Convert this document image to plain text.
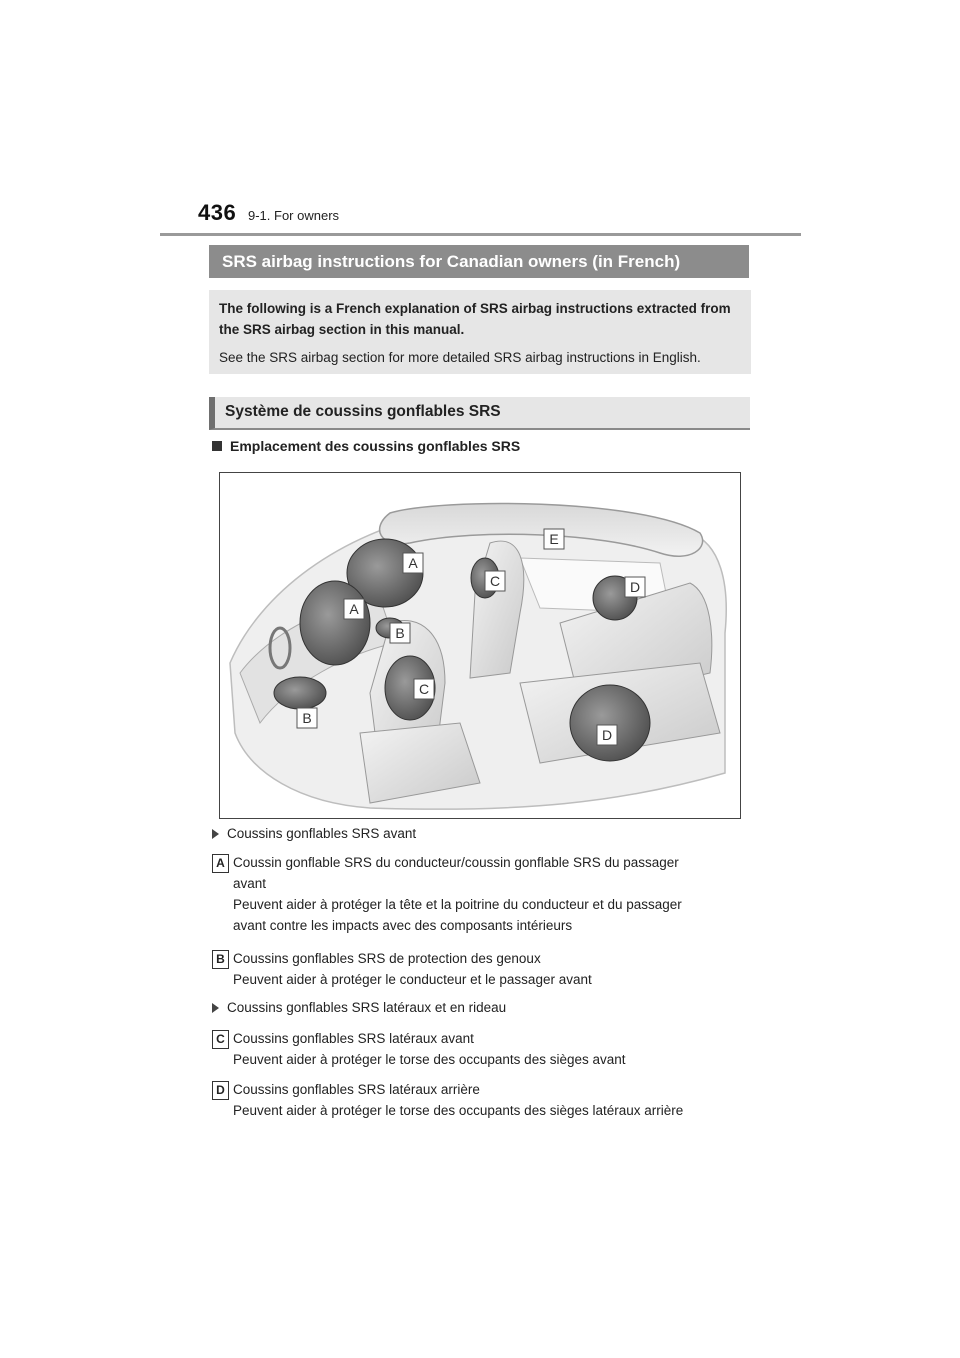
436 9-1. For owners
SRS airbag instructions for Canadian owners (in French)

The following is a French explanation of SRS airbag instructions extracted from the SRS airbag section in this manual.

See the SRS airbag section for more detailed SRS airbag instructions in English.

Système de coussins gonflables SRS
Emplacement des coussins gonflables SRS
E
A
C	D
A
B
C
B
D
Coussins gonflables SRS avant
A Coussin gonflable SRS du conducteur/coussin gonflable SRS du passager
avant
Peuvent aider à protéger la tête et la poitrine du conducteur et du passager
avant contre les impacts avec des composants intérieurs
B Coussins gonflables SRS de protection des genoux
Peuvent aider à protéger le conducteur et le passager avant
Coussins gonflables SRS latéraux et en rideau
C Coussins gonflables SRS latéraux avant
Peuvent aider à protéger le torse des occupants des sièges avant
D Coussins gonflables SRS latéraux arrière
Peuvent aider à protéger le torse des occupants des sièges latéraux arrière
